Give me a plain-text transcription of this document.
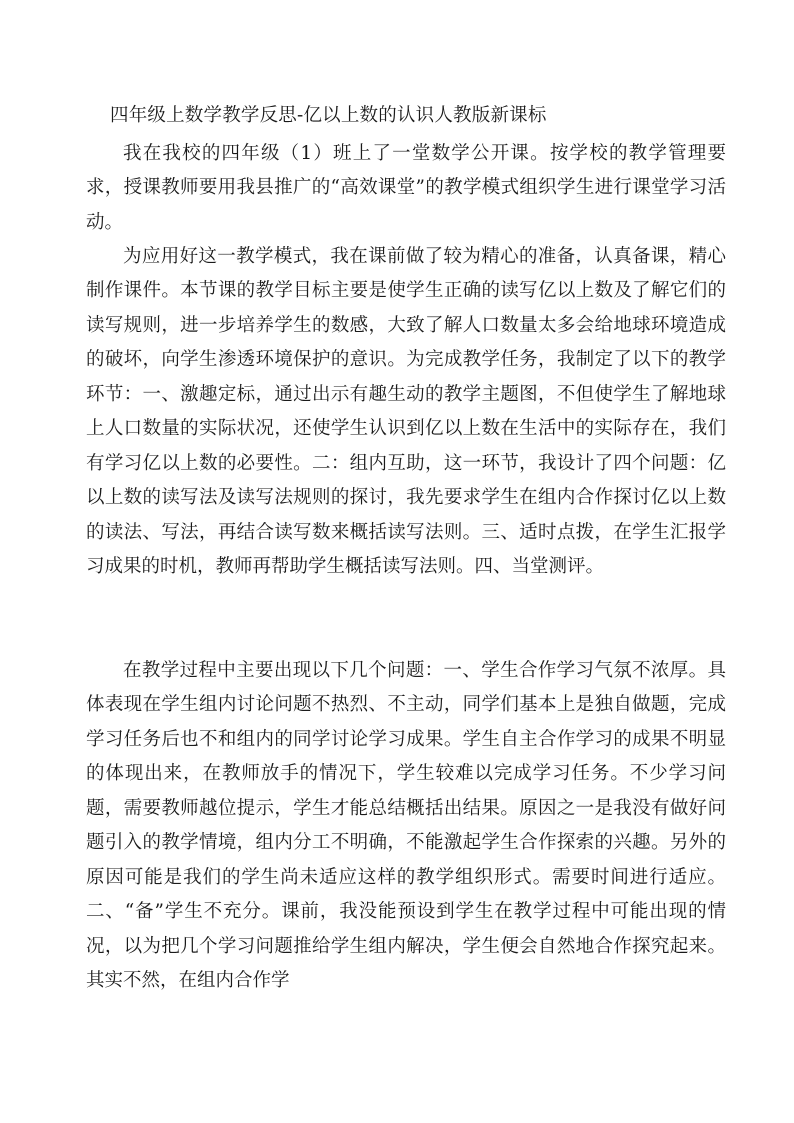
四年级上数学教学反思-亿以上数的认识人教版新课标

我在我校的四年级（1）班上了一堂数学公开课。按学校的教学管理要求，授课教师要用我县推广的“高效课堂”的教学模式组织学生进行课堂学习活动。

为应用好这一教学模式，我在课前做了较为精心的准备，认真备课，精心制作课件。本节课的教学目标主要是使学生正确的读写亿以上数及了解它们的读写规则，进一步培养学生的数感，大致了解人口数量太多会给地球环境造成的破坏，向学生渗透环境保护的意识。为完成教学任务，我制定了以下的教学环节：一、激趣定标，通过出示有趣生动的教学主题图，不但使学生了解地球上人口数量的实际状况，还使学生认识到亿以上数在生活中的实际存在，我们有学习亿以上数的必要性。二：组内互助，这一环节，我设计了四个问题：亿以上数的读写法及读写法规则的探讨，我先要求学生在组内合作探讨亿以上数的读法、写法，再结合读写数来概括读写法则。三、适时点拨，在学生汇报学习成果的时机，教师再帮助学生概括读写法则。四、当堂测评。

在教学过程中主要出现以下几个问题：一、学生合作学习气氛不浓厚。具体表现在学生组内讨论问题不热烈、不主动，同学们基本上是独自做题，完成学习任务后也不和组内的同学讨论学习成果。学生自主合作学习的成果不明显的体现出来，在教师放手的情况下，学生较难以完成学习任务。不少学习问题，需要教师越位提示，学生才能总结概括出结果。原因之一是我没有做好问题引入的教学情境，组内分工不明确，不能激起学生合作探索的兴趣。另外的原因可能是我们的学生尚未适应这样的教学组织形式。需要时间进行适应。二、“备”学生不充分。课前，我没能预设到学生在教学过程中可能出现的情况，以为把几个学习问题推给学生组内解决，学生便会自然地合作探究起来。其实不然，在组内合作学
